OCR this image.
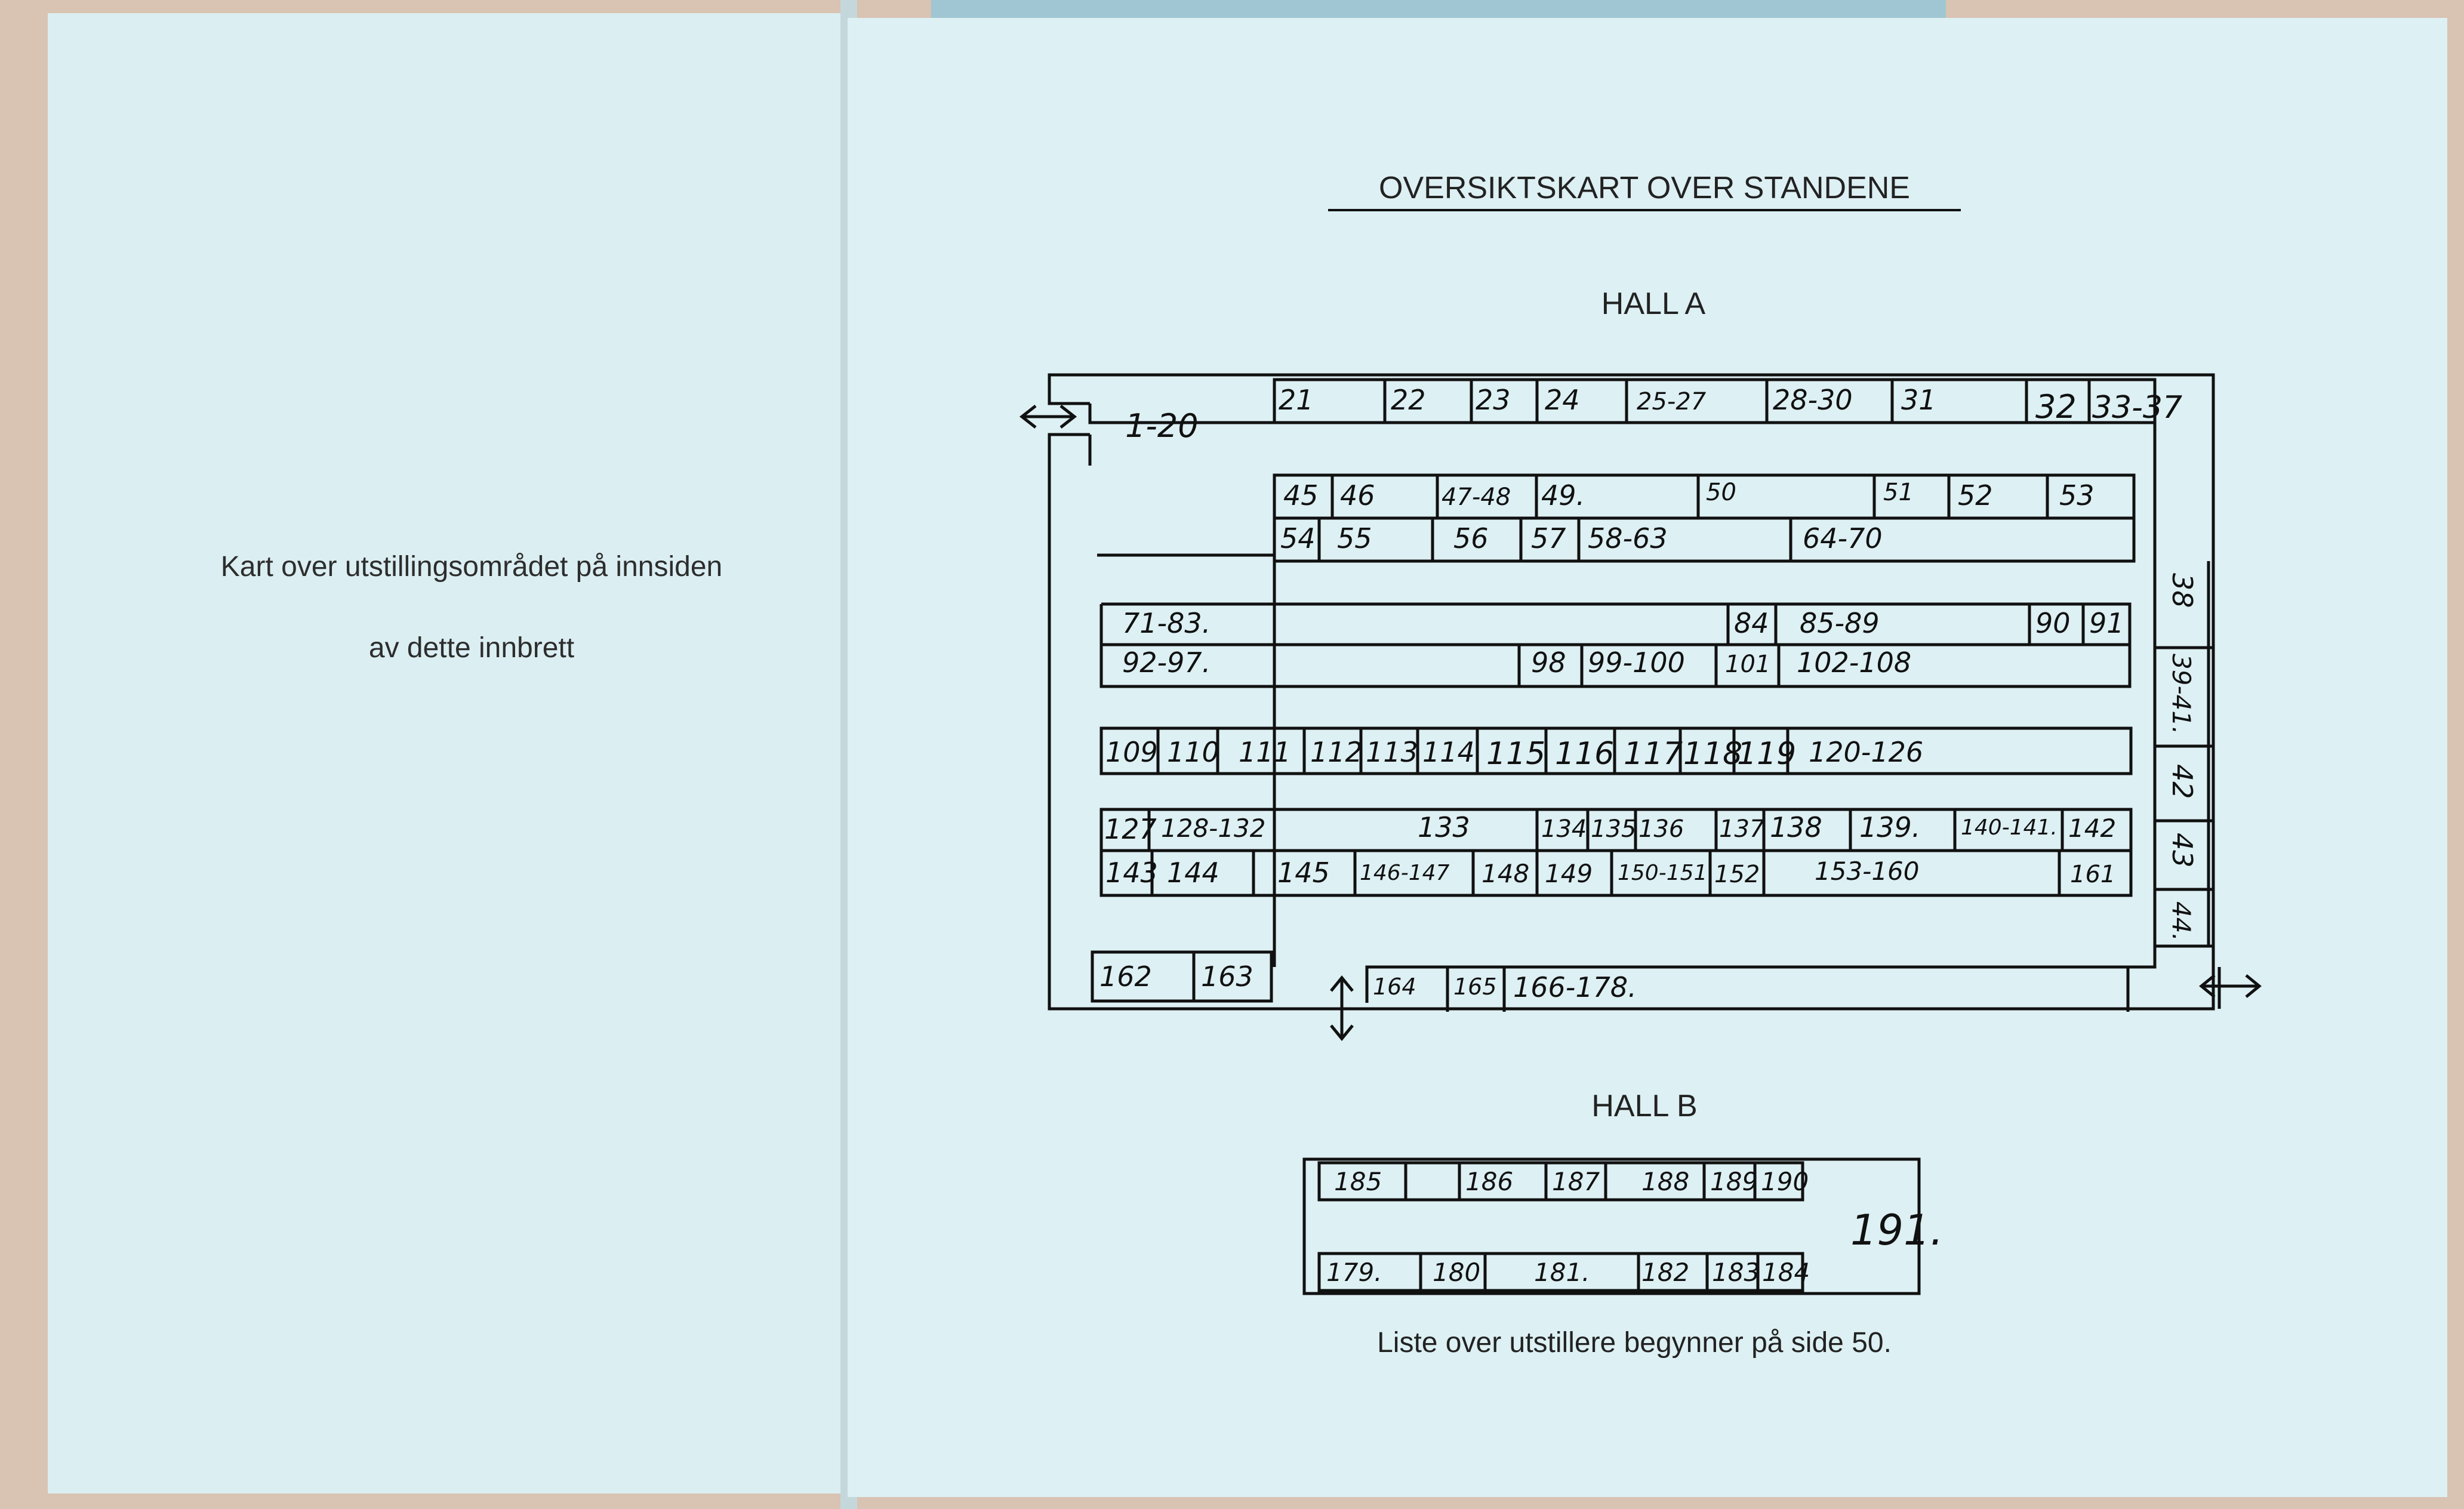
Kart over utstillingsområdet på innsiden
av dette innbrett
OVERSIKTSKART OVER STANDENE
HALL A
1-20
21	22 23 24 25-27 28-30 31	32 33-37
45 46	47-48 49.	50	51 52 53
54 55	56 57 58-63	64-70
71-83.	84 85-89	90 91
92-97.	98 99-100 101 102-108
109 110 111 112 113 114 115 116 117 118
119 120-126
127 128-132	133	134 135 136 137 138 139. 140-141. 142
143 144 145 146-147 148 149 150-151 152 153-160	161
162 163	164 165 166-178.
38
39-41.
42
43
44.
HALL B
185	186 187 188 189 190
179. 180 181. 182 183 184
191.
Liste over utstillere begynner på side 50.
